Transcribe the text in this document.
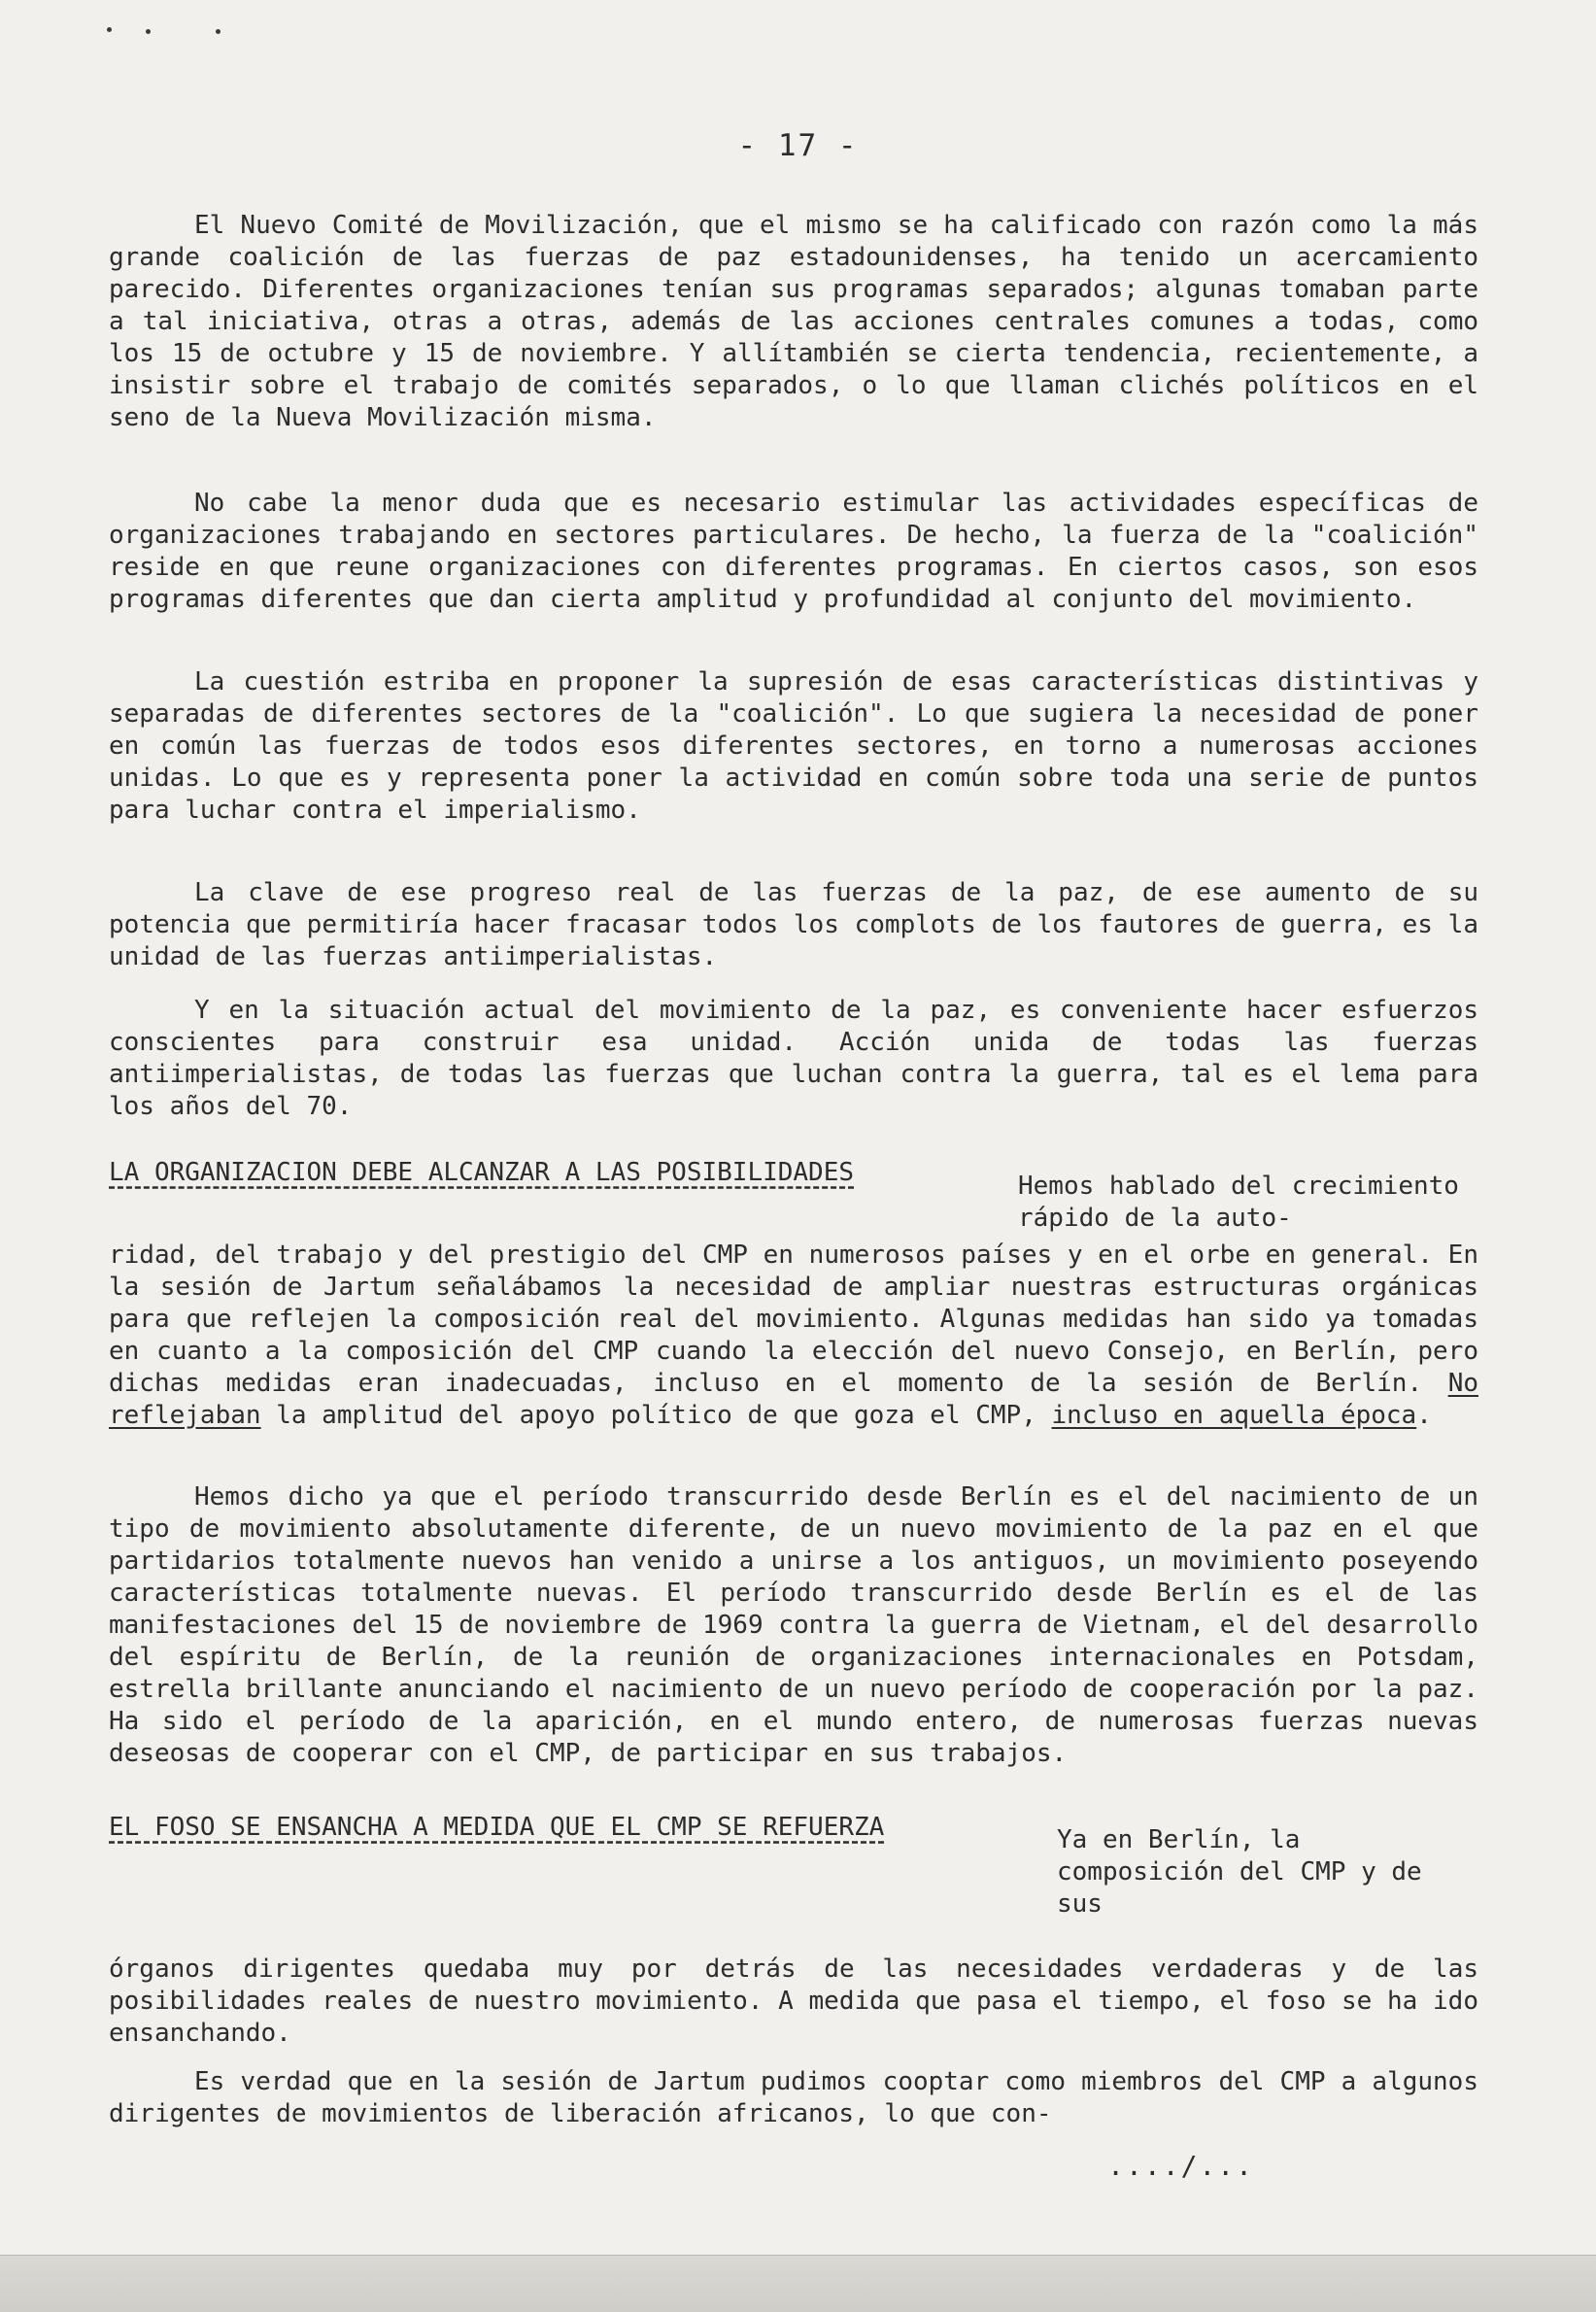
- 17 -

El Nuevo Comité de Movilización, que el mismo se ha calificado con razón como la más grande coalición de las fuerzas de paz estadounidenses, ha tenido un acercamiento parecido. Diferentes organizaciones tenían sus programas separados; algunas tomaban parte a tal iniciativa, otras a otras, además de las acciones centrales comunes a todas, como los 15 de octubre y 15 de noviembre. Y allítambién se cierta tendencia, recientemente, a insistir sobre el trabajo de comités separados, o lo que llaman clichés políticos en el seno de la Nueva Movilización misma.

No cabe la menor duda que es necesario estimular las actividades específicas de organizaciones trabajando en sectores particulares. De hecho, la fuerza de la "coalición" reside en que reune organizaciones con diferentes programas. En ciertos casos, son esos programas diferentes que dan cierta amplitud y profundidad al conjunto del movimiento.

La cuestión estriba en proponer la supresión de esas características distintivas y separadas de diferentes sectores de la "coalición". Lo que sugiera la necesidad de poner en común las fuerzas de todos esos diferentes sectores, en torno a numerosas acciones unidas. Lo que es y representa poner la actividad en común sobre toda una serie de puntos para luchar contra el imperialismo.

La clave de ese progreso real de las fuerzas de la paz, de ese aumento de su potencia que permitiría hacer fracasar todos los complots de los fautores de guerra, es la unidad de las fuerzas antiimperialistas.

Y en la situación actual del movimiento de la paz, es conveniente hacer esfuerzos conscientes para construir esa unidad. Acción unida de todas las fuerzas antiimperialistas, de todas las fuerzas que luchan contra la guerra, tal es el lema para los años del 70.

LA ORGANIZACION DEBE ALCANZAR A LAS POSIBILIDADES	Hemos hablado del crecimiento rápido de la auto-

ridad, del trabajo y del prestigio del CMP en numerosos países y en el orbe en general. En la sesión de Jartum señalábamos la necesidad de ampliar nuestras estructuras orgánicas para que reflejen la composición real del movimiento. Algunas medidas han sido ya tomadas en cuanto a la composición del CMP cuando la elección del nuevo Consejo, en Berlín, pero dichas medidas eran inadecuadas, incluso en el momento de la sesión de Berlín. No reflejaban la amplitud del apoyo político de que goza el CMP, incluso en aquella época.

Hemos dicho ya que el período transcurrido desde Berlín es el del nacimiento de un tipo de movimiento absolutamente diferente, de un nuevo movimiento de la paz en el que partidarios totalmente nuevos han venido a unirse a los antiguos, un movimiento poseyendo características totalmente nuevas. El período transcurrido desde Berlín es el de las manifestaciones del 15 de noviembre de 1969 contra la guerra de Vietnam, el del desarrollo del espíritu de Berlín, de la reunión de organizaciones internacionales en Potsdam, estrella brillante anunciando el nacimiento de un nuevo período de cooperación por la paz. Ha sido el período de la aparición, en el mundo entero, de numerosas fuerzas nuevas deseosas de cooperar con el CMP, de participar en sus trabajos.

EL FOSO SE ENSANCHA A MEDIDA QUE EL CMP SE REFUERZA	Ya en Berlín, la composición del CMP y de sus

órganos dirigentes quedaba muy por detrás de las necesidades verdaderas y de las posibilidades reales de nuestro movimiento. A medida que pasa el tiempo, el foso se ha ido ensanchando.

Es verdad que en la sesión de Jartum pudimos cooptar como miembros del CMP a algunos dirigentes de movimientos de liberación africanos, lo que con-

..../...
